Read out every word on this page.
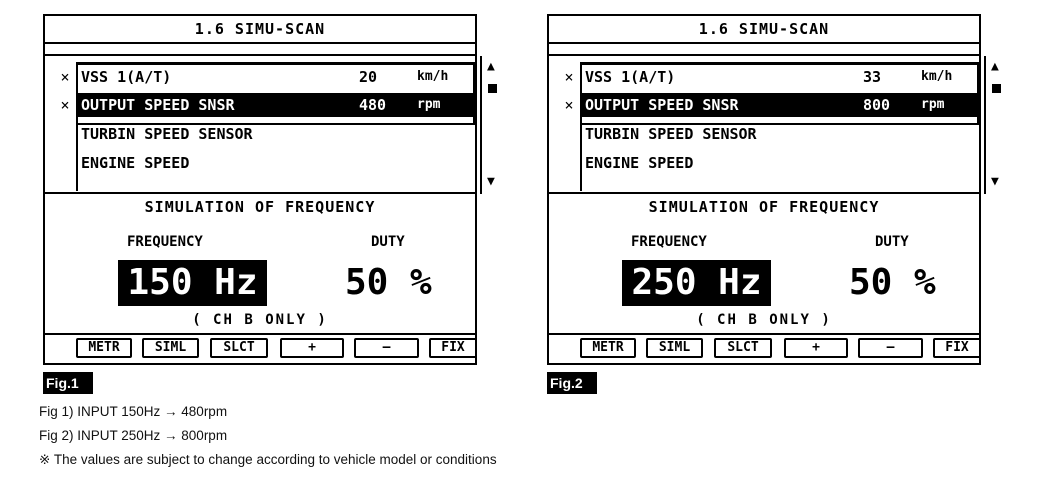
1.6 SIMU-SCAN
× VSS 1(A/T)	20	km/h
× OUTPUT SPEED SNSR	480 rpm
TURBIN SPEED SENSOR
ENGINE SPEED
▲
▼
SIMULATION OF FREQUENCY
FREQUENCY	DUTY
150 Hz 50 %
( CH B ONLY )
METR	SIML	SLCT	+	—	FIX
1.6 SIMU-SCAN
× VSS 1(A/T)	33	km/h
× OUTPUT SPEED SNSR	800 rpm
TURBIN SPEED SENSOR
ENGINE SPEED
▲
▼
SIMULATION OF FREQUENCY
FREQUENCY	DUTY
250 Hz 50 %
( CH B ONLY )
METR	SIML	SLCT	+	—	FIX
Fig.1	Fig.2
Fig 1) INPUT 150Hz → 480rpm
Fig 2) INPUT 250Hz → 800rpm
※ The values are subject to change according to vehicle model or conditions
